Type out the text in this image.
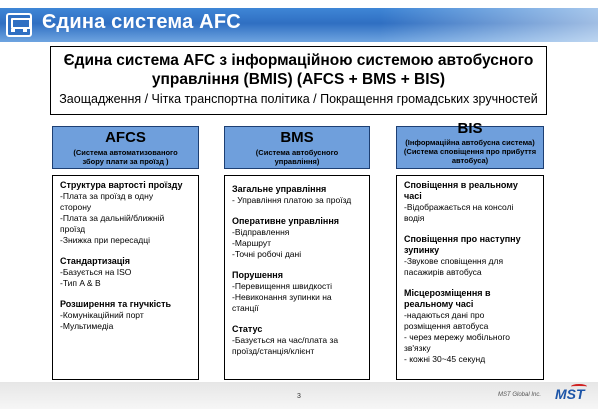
Єдина система AFC
Єдина система AFC з інформаційною системою автобусного
управління (BMIS) (AFCS + BMS + BIS)
Заощадження / Чітка транспортна політика / Покращення громадських зручностей
AFCS
(Система автоматизованого
збору плати за проїзд )
BMS
(Система автобусного
управління)
BIS
(Інформаційна автобусна система)
(Система сповіщення про прибуття автобуса)
Структура вартості проїзду
-Плата за проїзд в одну
сторону
-Плата за дальній/ближній
проїзд
-Знижка при пересадці
Стандартизація
-Базується на ISO
-Тип A & B
Розширення та гнучкість
-Комунікаційний порт
-Мультимедіа
Загальне управління
- Управління платою за проїзд
Оперативне управління
-Відправлення
-Маршрут
-Точні робочі дані
Порушення
-Перевищення швидкості
-Невиконання зупинки на
станції
Статус
-Базується на час/плата за
проїзд/станція/клієнт
Сповіщення в реальному часі
-Відображається на консолі
водія
Сповіщення про наступну зупинку
-Звукове сповіщення для
пасажирів автобуса
Місцерозміщення в реальному часі
-надаються дані про
розміщення автобуса
- через мережу мобільного
зв'язку
- кожні 30~45 секунд
3	MST Global Inc. MST
